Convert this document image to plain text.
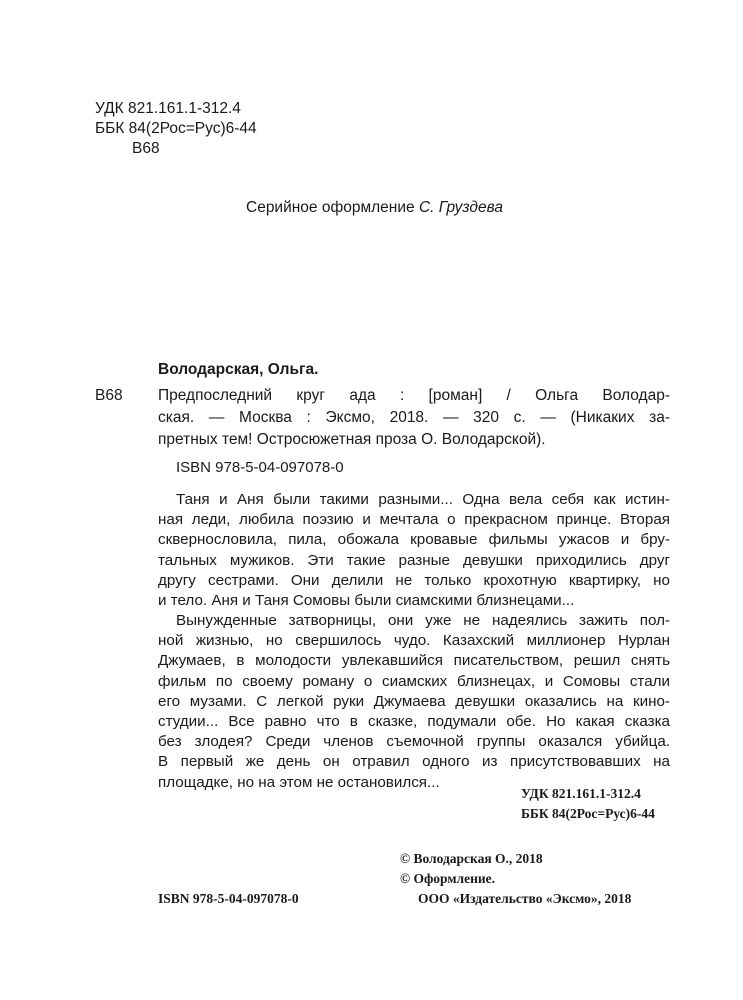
УДК 821.161.1-312.4
ББК 84(2Рос=Рус)6-44
В68
Серийное оформление С. Груздева
Володарская, Ольга.
В68 Предпоследний круг ада : [роман] / Ольга Володар-
ская. — Москва : Эксмо, 2018. — 320 с. — (Никаких за-
претных тем! Остросюжетная проза О. Володарской).
ISBN 978-5-04-097078-0
Таня и Аня были такими разными... Одна вела себя как истин-
ная леди, любила поэзию и мечтала о прекрасном принце. Вторая
сквернословила, пила, обожала кровавые фильмы ужасов и бру-
тальных мужиков. Эти такие разные девушки приходились друг
другу сестрами. Они делили не только крохотную квартирку, но
и тело. Аня и Таня Сомовы были сиамскими близнецами...
Вынужденные затворницы, они уже не надеялись зажить пол-
ной жизнью, но свершилось чудо. Казахский миллионер Нурлан
Джумаев, в молодости увлекавшийся писательством, решил снять
фильм по своему роману о сиамских близнецах, и Сомовы стали
его музами. С легкой руки Джумаева девушки оказались на кино-
студии... Все равно что в сказке, подумали обе. Но какая сказка
без злодея? Среди членов съемочной группы оказался убийца.
В первый же день он отравил одного из присутствовавших на
площадке, но на этом не остановился...
УДК 821.161.1-312.4
ББК 84(2Рос=Рус)6-44
© Володарская О., 2018
© Оформление.
ISBN 978-5-04-097078-0	ООО «Издательство «Эксмо», 2018
